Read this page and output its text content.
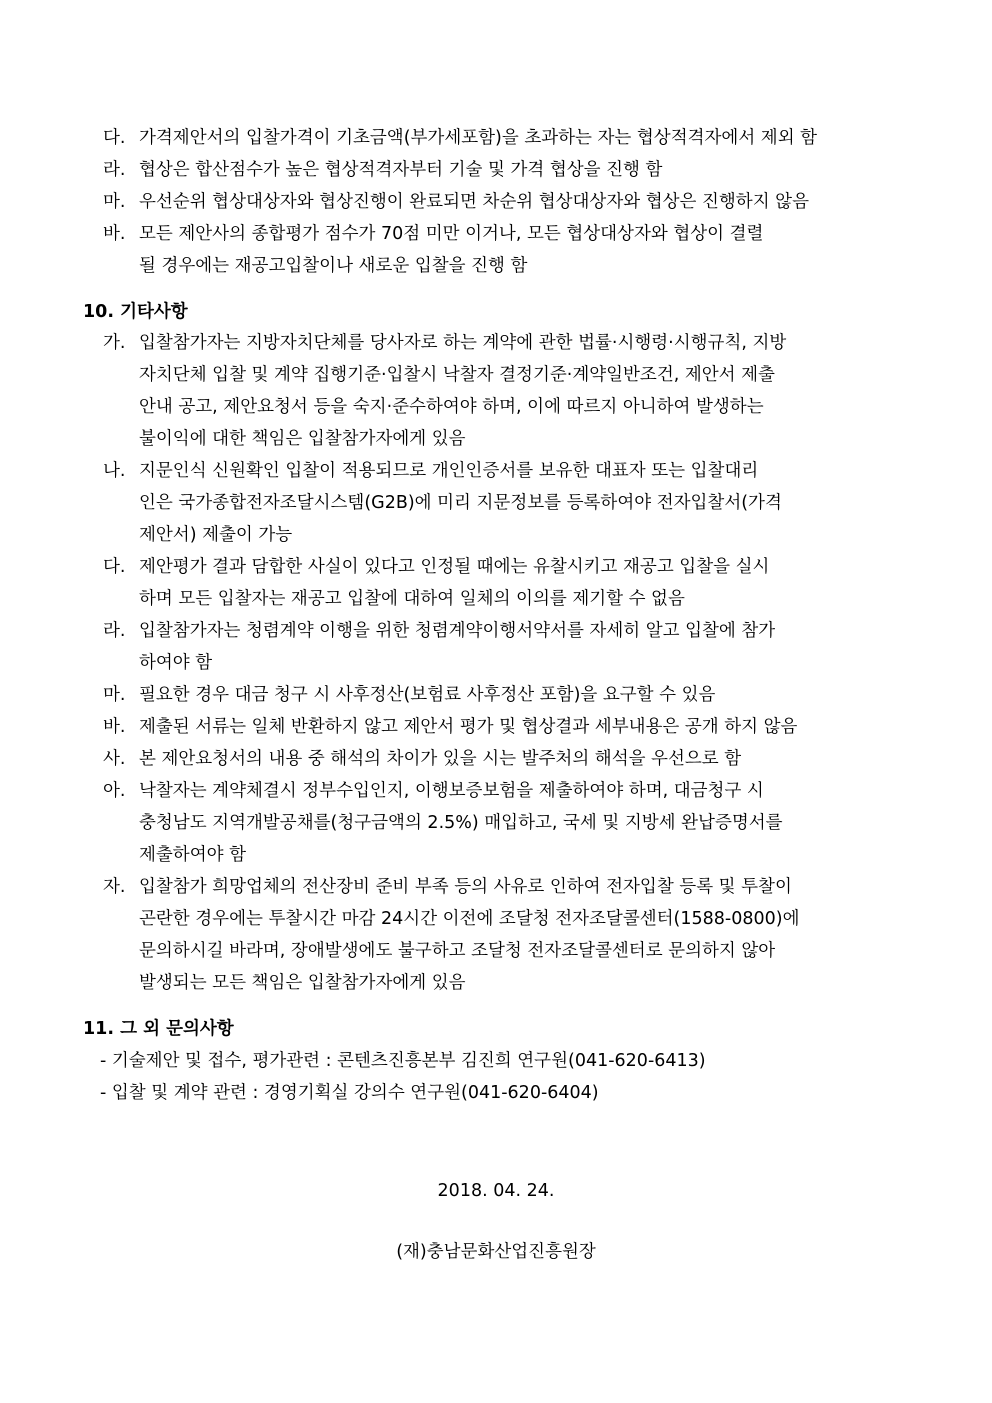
다. 가격제안서의 입찰가격이 기초금액(부가세포함)을 초과하는 자는 협상적격자에서 제외 함
라. 협상은 합산점수가 높은 협상적격자부터 기술 및 가격 협상을 진행 함
마. 우선순위 협상대상자와 협상진행이 완료되면 차순위 협상대상자와 협상은 진행하지 않음
바. 모든 제안사의 종합평가 점수가 70점 미만 이거나, 모든 협상대상자와 협상이 결렬
될 경우에는 재공고입찰이나 새로운 입찰을 진행 함
10. 기타사항
가. 입찰참가자는 지방자치단체를 당사자로 하는 계약에 관한 법률·시행령·시행규칙, 지방
자치단체 입찰 및 계약 집행기준·입찰시 낙찰자 결정기준·계약일반조건, 제안서 제출
안내 공고, 제안요청서 등을 숙지·준수하여야 하며, 이에 따르지 아니하여 발생하는
불이익에 대한 책임은 입찰참가자에게 있음
나. 지문인식 신원확인 입찰이 적용되므로 개인인증서를 보유한 대표자 또는 입찰대리
인은 국가종합전자조달시스템(G2B)에 미리 지문정보를 등록하여야 전자입찰서(가격
제안서) 제출이 가능
다. 제안평가 결과 담합한 사실이 있다고 인정될 때에는 유찰시키고 재공고 입찰을 실시
하며 모든 입찰자는 재공고 입찰에 대하여 일체의 이의를 제기할 수 없음
라. 입찰참가자는 청렴계약 이행을 위한 청렴계약이행서약서를 자세히 알고 입찰에 참가
하여야 함
마. 필요한 경우 대금 청구 시 사후정산(보험료 사후정산 포함)을 요구할 수 있음
바. 제출된 서류는 일체 반환하지 않고 제안서 평가 및 협상결과 세부내용은 공개 하지 않음
사. 본 제안요청서의 내용 중 해석의 차이가 있을 시는 발주처의 해석을 우선으로 함
아. 낙찰자는 계약체결시 정부수입인지, 이행보증보험을 제출하여야 하며, 대금청구 시
충청남도 지역개발공채를(청구금액의 2.5%) 매입하고, 국세 및 지방세 완납증명서를
제출하여야 함
자. 입찰참가 희망업체의 전산장비 준비 부족 등의 사유로 인하여 전자입찰 등록 및 투찰이
곤란한 경우에는 투찰시간 마감 24시간 이전에 조달청 전자조달콜센터(1588-0800)에
문의하시길 바라며, 장애발생에도 불구하고 조달청 전자조달콜센터로 문의하지 않아
발생되는 모든 책임은 입찰참가자에게 있음
11. 그 외 문의사항
- 기술제안 및 접수, 평가관련 : 콘텐츠진흥본부 김진희 연구원(041-620-6413)
- 입찰 및 계약 관련 : 경영기획실 강의수 연구원(041-620-6404)
2018. 04. 24.
(재)충남문화산업진흥원장
